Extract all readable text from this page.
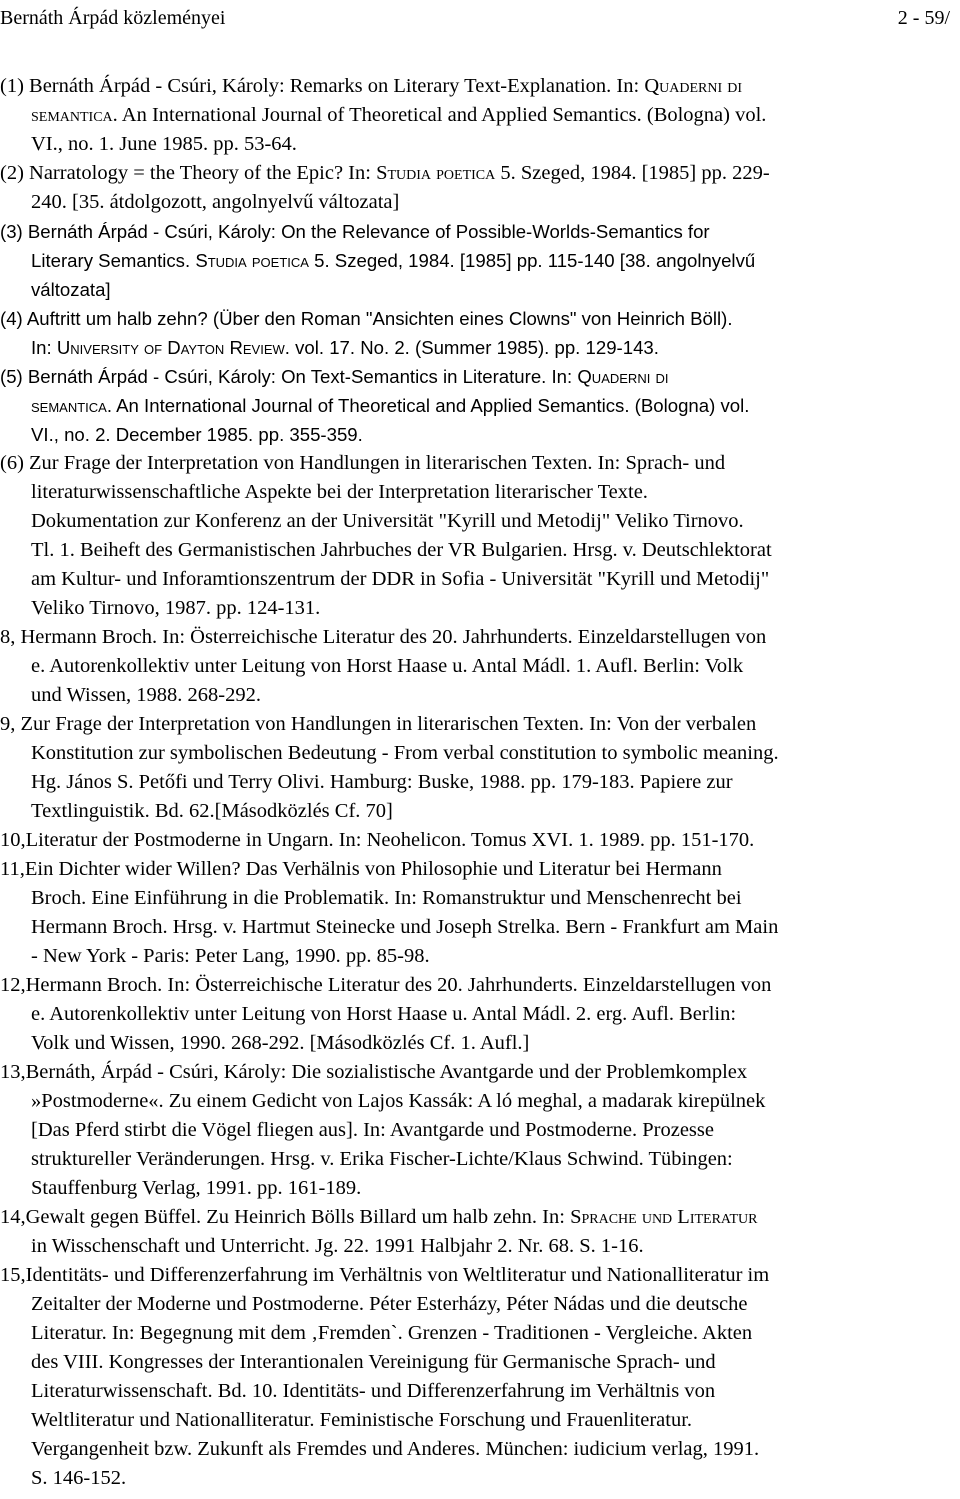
Bernáth Árpád közleményei	2 - 59/
(1) Bernáth Árpád - Csúri, Károly: Remarks on Literary Text-Explanation. In: Quaderni di
semantica. An International Journal of Theoretical and Applied Semantics. (Bologna) vol.
VI., no. 1. June 1985. pp. 53-64.
(2) Narratology = the Theory of the Epic? In: Studia poetica 5. Szeged, 1984. [1985] pp. 229-
240. [35. átdolgozott, angolnyelvű változata]
(3) Bernáth Árpád - Csúri, Károly: On the Relevance of Possible-Worlds-Semantics for
Literary Semantics. Studia poetica 5. Szeged, 1984. [1985] pp. 115-140 [38. angolnyelvű
változata]
(4) Auftritt um halb zehn? (Über den Roman "Ansichten eines Clowns" von Heinrich Böll).
In: University of Dayton Review. vol. 17. No. 2. (Summer 1985). pp. 129-143.
(5) Bernáth Árpád - Csúri, Károly: On Text-Semantics in Literature. In: Quaderni di
semantica. An International Journal of Theoretical and Applied Semantics. (Bologna) vol.
VI., no. 2. December 1985. pp. 355-359.
(6) Zur Frage der Interpretation von Handlungen in literarischen Texten. In: Sprach- und
literaturwissenschaftliche Aspekte bei der Interpretation literarischer Texte.
Dokumentation zur Konferenz an der Universität "Kyrill und Metodij" Veliko Tirnovo.
Tl. 1. Beiheft des Germanistischen Jahrbuches der VR Bulgarien. Hrsg. v. Deutschlektorat
am Kultur- und Inforamtionszentrum der DDR in Sofia - Universität "Kyrill und Metodij"
Veliko Tirnovo, 1987. pp. 124-131.
8, Hermann Broch. In: Österreichische Literatur des 20. Jahrhunderts. Einzeldarstellugen von
e. Autorenkollektiv unter Leitung von Horst Haase u. Antal Mádl. 1. Aufl. Berlin: Volk
und Wissen, 1988. 268-292.
9, Zur Frage der Interpretation von Handlungen in literarischen Texten. In: Von der verbalen
Konstitution zur symbolischen Bedeutung - From verbal constitution to symbolic meaning.
Hg. János S. Petőfi und Terry Olivi. Hamburg: Buske, 1988. pp. 179-183. Papiere zur
Textlinguistik. Bd. 62.[Másodközlés Cf. 70]
10,Literatur der Postmoderne in Ungarn. In: Neohelicon. Tomus XVI. 1. 1989. pp. 151-170.
11,Ein Dichter wider Willen? Das Verhälnis von Philosophie und Literatur bei Hermann
Broch. Eine Einführung in die Problematik. In: Romanstruktur und Menschenrecht bei
Hermann Broch. Hrsg. v. Hartmut Steinecke und Joseph Strelka. Bern - Frankfurt am Main
- New York - Paris: Peter Lang, 1990. pp. 85-98.
12,Hermann Broch. In: Österreichische Literatur des 20. Jahrhunderts. Einzeldarstellugen von
e. Autorenkollektiv unter Leitung von Horst Haase u. Antal Mádl. 2. erg. Aufl. Berlin:
Volk und Wissen, 1990. 268-292. [Másodközlés Cf. 1. Aufl.]
13,Bernáth, Árpád - Csúri, Károly: Die sozialistische Avantgarde und der Problemkomplex
»Postmoderne«. Zu einem Gedicht von Lajos Kassák: A ló meghal, a madarak kirepülnek
[Das Pferd stirbt die Vögel fliegen aus]. In: Avantgarde und Postmoderne. Prozesse
struktureller Veränderungen. Hrsg. v. Erika Fischer-Lichte/Klaus Schwind. Tübingen:
Stauffenburg Verlag, 1991. pp. 161-189.
14,Gewalt gegen Büffel. Zu Heinrich Bölls Billard um halb zehn. In: Sprache und Literatur
in Wisschenschaft und Unterricht. Jg. 22. 1991 Halbjahr 2. Nr. 68. S. 1-16.
15,Identitäts- und Differenzerfahrung im Verhältnis von Weltliteratur und Nationalliteratur im
Zeitalter der Moderne und Postmoderne. Péter Esterházy, Péter Nádas und die deutsche
Literatur. In: Begegnung mit dem ‚Fremden`. Grenzen - Traditionen - Vergleiche. Akten
des VIII. Kongresses der Interantionalen Vereinigung für Germanische Sprach- und
Literaturwissenschaft. Bd. 10. Identitäts- und Differenzerfahrung im Verhältnis von
Weltliteratur und Nationalliteratur. Feministische Forschung und Frauenliteratur.
Vergangenheit bzw. Zukunft als Fremdes und Anderes. München: iudicium verlag, 1991.
S. 146-152.
